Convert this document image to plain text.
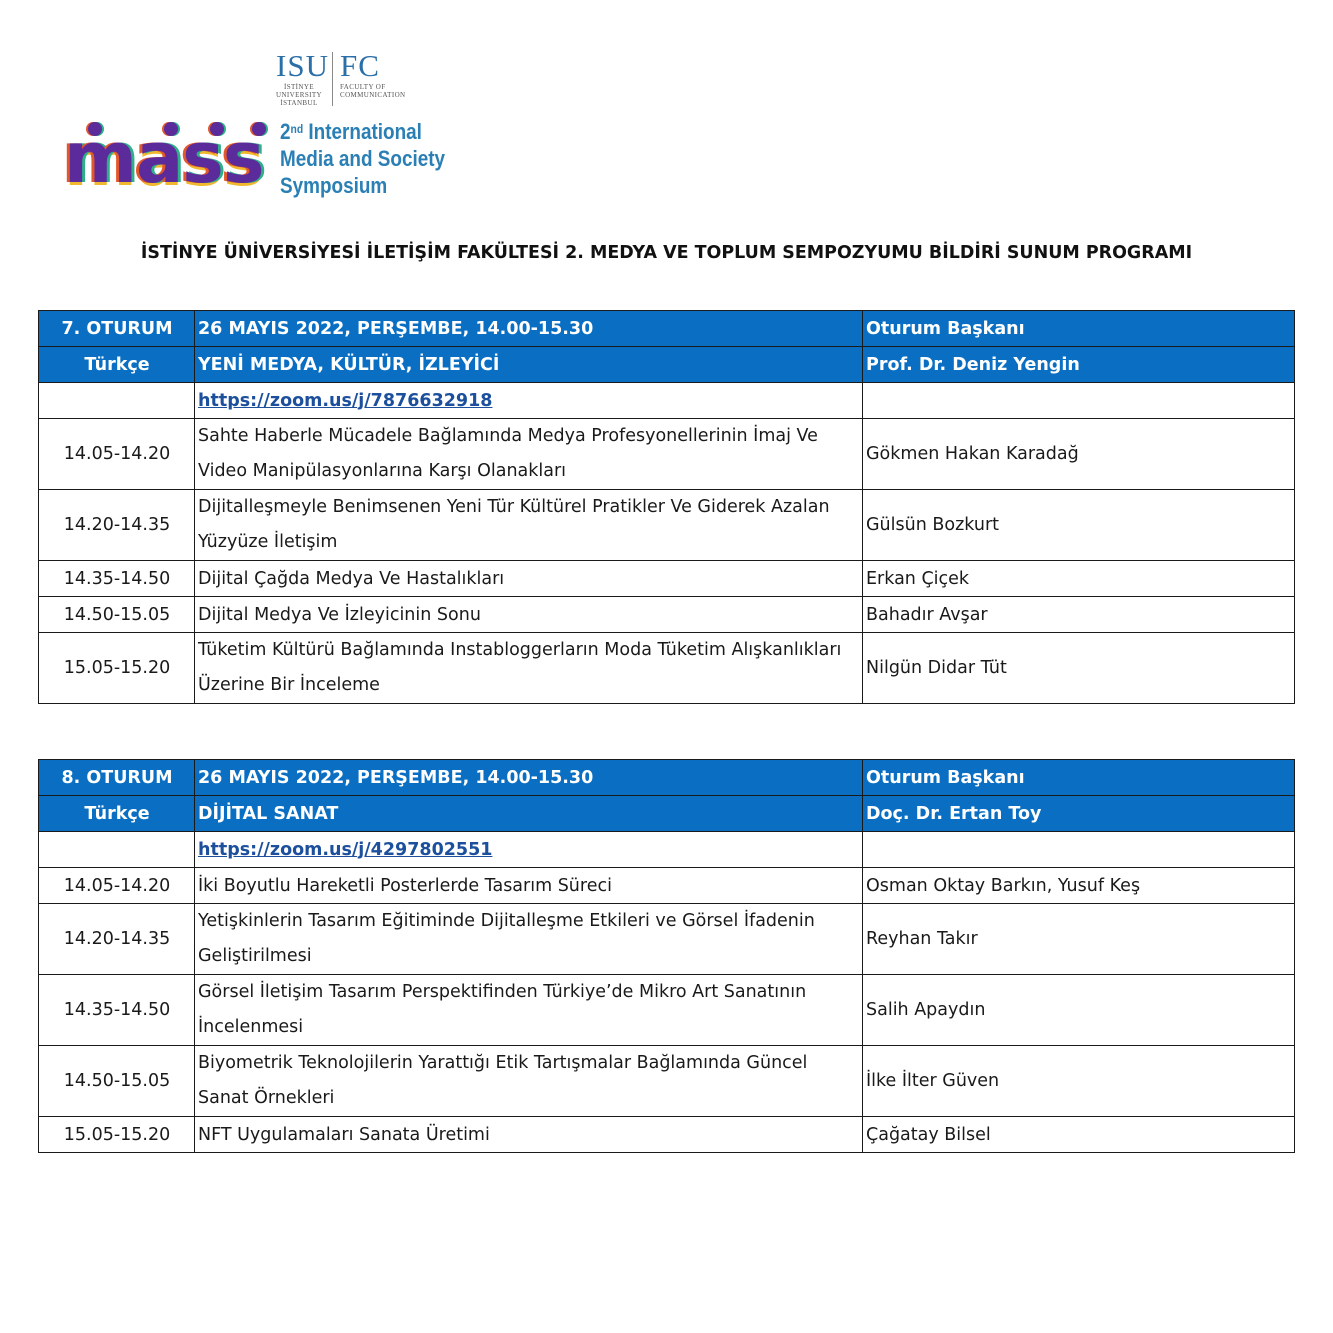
ISU FC
İSTİNYE
UNIVERSITY
İSTANBUL
FACULTY OF
COMMUNICATION
mass 2nd International
Media and Society
Symposium
İSTİNYE ÜNİVERSİYESİ İLETİŞİM FAKÜLTESİ 2. MEDYA VE TOPLUM SEMPOZYUMU BİLDİRİ SUNUM PROGRAMI
7. OTURUM	26 MAYIS 2022, PERŞEMBE, 14.00-15.30	Oturum Başkanı
Türkçe	YENİ MEDYA, KÜLTÜR, İZLEYİCİ	Prof. Dr. Deniz Yengin
	https://zoom.us/j/7876632918	
14.05-14.20	Sahte Haberle Mücadele Bağlamında Medya Profesyonellerinin İmaj Ve Video Manipülasyonlarına Karşı Olanakları	Gökmen Hakan Karadağ
14.20-14.35	Dijitalleşmeyle Benimsenen Yeni Tür Kültürel Pratikler Ve Giderek Azalan Yüzyüze İletişim	Gülsün Bozkurt
14.35-14.50	Dijital Çağda Medya Ve Hastalıkları	Erkan Çiçek
14.50-15.05	Dijital Medya Ve İzleyicinin Sonu	Bahadır Avşar
15.05-15.20	Tüketim Kültürü Bağlamında Instabloggerların Moda Tüketim Alışkanlıkları Üzerine Bir İnceleme	Nilgün Didar Tüt
8. OTURUM	26 MAYIS 2022, PERŞEMBE, 14.00-15.30	Oturum Başkanı
Türkçe	DİJİTAL SANAT	Doç. Dr. Ertan Toy
	https://zoom.us/j/4297802551	
14.05-14.20	İki Boyutlu Hareketli Posterlerde Tasarım Süreci	Osman Oktay Barkın, Yusuf Keş
14.20-14.35	Yetişkinlerin Tasarım Eğitiminde Dijitalleşme Etkileri ve Görsel İfadenin Geliştirilmesi	Reyhan Takır
14.35-14.50	Görsel İletişim Tasarım Perspektifinden Türkiye’de Mikro Art Sanatının İncelenmesi	Salih Apaydın
14.50-15.05	Biyometrik Teknolojilerin Yarattığı Etik Tartışmalar Bağlamında Güncel Sanat Örnekleri	İlke İlter Güven
15.05-15.20	NFT Uygulamaları Sanata Üretimi	Çağatay Bilsel
